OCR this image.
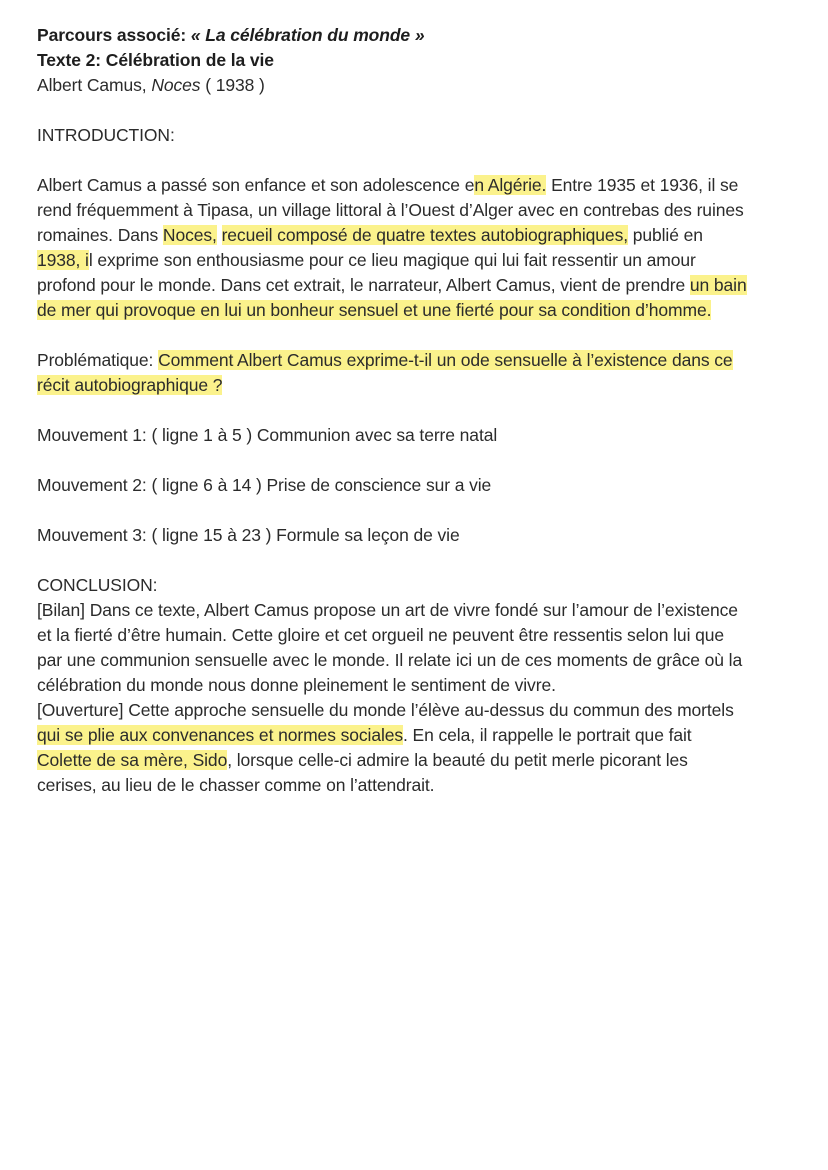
Parcours associé: « La célébration du monde »
Texte 2: Célébration de la vie
Albert Camus, Noces ( 1938 )
INTRODUCTION:
Albert Camus a passé son enfance et son adolescence en Algérie. Entre 1935 et 1936, il se
rend fréquemment à Tipasa, un village littoral à l’Ouest d’Alger avec en contrebas des ruines
romaines. Dans Noces, recueil composé de quatre textes autobiographiques, publié en
1938, il exprime son enthousiasme pour ce lieu magique qui lui fait ressentir un amour
profond pour le monde. Dans cet extrait, le narrateur, Albert Camus, vient de prendre un bain
de mer qui provoque en lui un bonheur sensuel et une fierté pour sa condition d’homme.
Problématique: Comment Albert Camus exprime-t-il un ode sensuelle à l’existence dans ce
récit autobiographique ?
Mouvement 1: ( ligne 1 à 5 ) Communion avec sa terre natal
Mouvement 2: ( ligne 6 à 14 ) Prise de conscience sur a vie
Mouvement 3: ( ligne 15 à 23 ) Formule sa leçon de vie
CONCLUSION:
[Bilan] Dans ce texte, Albert Camus propose un art de vivre fondé sur l’amour de l’existence
et la fierté d’être humain. Cette gloire et cet orgueil ne peuvent être ressentis selon lui que
par une communion sensuelle avec le monde. Il relate ici un de ces moments de grâce où la
célébration du monde nous donne pleinement le sentiment de vivre.
[Ouverture] Cette approche sensuelle du monde l’élève au-dessus du commun des mortels
qui se plie aux convenances et normes sociales. En cela, il rappelle le portrait que fait
Colette de sa mère, Sido, lorsque celle-ci admire la beauté du petit merle picorant les
cerises, au lieu de le chasser comme on l’attendrait.
